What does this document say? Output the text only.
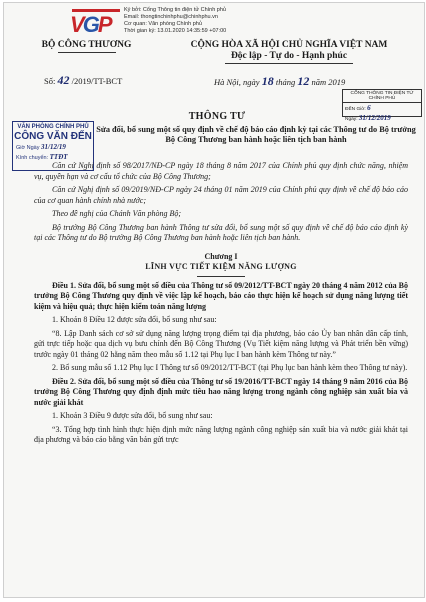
VGP
Ký bởi: Cổng Thông tin điện tử Chính phủ
Email: thongtinchinhphu@chinhphu.vn
Cơ quan: Văn phòng Chính phủ
Thời gian ký: 13.01.2020 14:35:59 +07:00
BỘ CÔNG THƯƠNG
Số: 42 /2019/TT-BCT
CỘNG HÒA XÃ HỘI CHỦ NGHĨA VIỆT NAM
Độc lập - Tự do - Hạnh phúc
Hà Nội, ngày 18 tháng 12 năm 2019
CỔNG THÔNG TIN ĐIỆN TỬ CHÍNH PHỦ
ĐẾN Giờ: 6
Ngày: 31/12/2019
THÔNG TƯ
Sửa đổi, bổ sung một số quy định về chế độ báo cáo định kỳ tại các Thông tư do Bộ trưởng Bộ Công Thương ban hành hoặc liên tịch ban hành
VĂN PHÒNG CHÍNH PHỦ
CÔNG VĂN ĐẾN
Giờ Ngày 31/12/19
Kính chuyển: TTĐT

Căn cứ Nghị định số 98/2017/NĐ-CP ngày 18 tháng 8 năm 2017 của Chính phủ quy định chức năng, nhiệm vụ, quyền hạn và cơ cấu tổ chức của Bộ Công Thương;

Căn cứ Nghị định số 09/2019/NĐ-CP ngày 24 tháng 01 năm 2019 của Chính phủ quy định về chế độ báo cáo của cơ quan hành chính nhà nước;

Theo đề nghị của Chánh Văn phòng Bộ;

Bộ trưởng Bộ Công Thương ban hành Thông tư sửa đổi, bổ sung một số quy định về chế độ báo cáo định kỳ tại các Thông tư do Bộ trưởng Bộ Công Thương ban hành hoặc liên tịch ban hành.

Chương I

LĨNH VỰC TIẾT KIỆM NĂNG LƯỢNG

Điều 1. Sửa đổi, bổ sung một số điều của Thông tư số 09/2012/TT-BCT ngày 20 tháng 4 năm 2012 của Bộ trưởng Bộ Công Thương quy định về việc lập kế hoạch, báo cáo thực hiện kế hoạch sử dụng năng lượng tiết kiệm và hiệu quả; thực hiện kiểm toán năng lượng

1. Khoản 8 Điều 12 được sửa đổi, bổ sung như sau:

“8. Lập Danh sách cơ sở sử dụng năng lượng trọng điểm tại địa phương, báo cáo Ủy ban nhân dân cấp tỉnh, gửi trực tiếp hoặc qua dịch vụ bưu chính đến Bộ Công Thương (Vụ Tiết kiệm năng lượng và Phát triển bền vững) trước ngày 01 tháng 02 hằng năm theo mẫu số 1.12 tại Phụ lục I ban hành kèm Thông tư này.”

2. Bổ sung mẫu số 1.12 Phụ lục I Thông tư số 09/2012/TT-BCT (tại Phụ lục ban hành kèm theo Thông tư này).

Điều 2. Sửa đổi, bổ sung một số điều của Thông tư số 19/2016/TT-BCT ngày 14 tháng 9 năm 2016 của Bộ trưởng Bộ Công Thương quy định định mức tiêu hao năng lượng trong ngành công nghiệp sản xuất bia và nước giải khát

1. Khoản 3 Điều 9 được sửa đổi, bổ sung như sau:

“3. Tổng hợp tình hình thực hiện định mức năng lượng ngành công nghiệp sản xuất bia và nước giải khát tại địa phương và báo cáo bằng văn bản gửi trực
